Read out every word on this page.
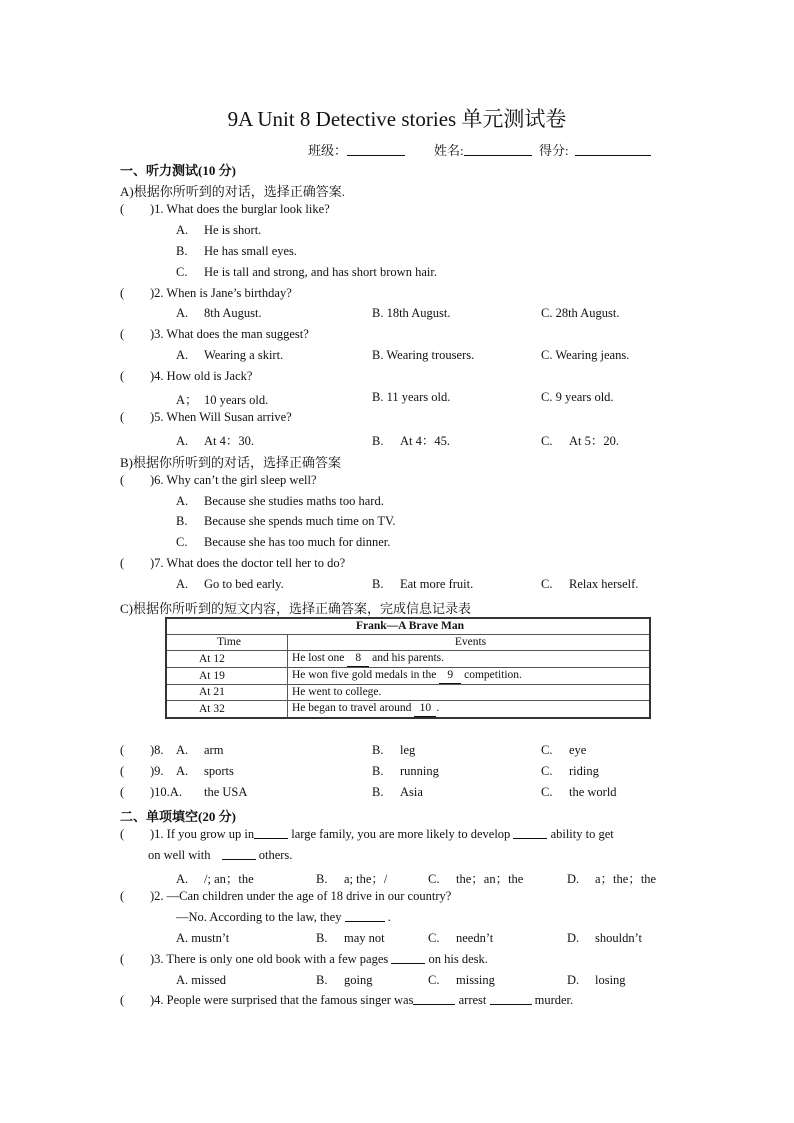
9A Unit 8 Detective stories 单元测试卷
班级：	姓名:	得分:
一、听力测试(10 分)
A)根据你所听到的对话，选择正确答案.
( )1. What does the burglar look like?
A. He is short.
B. He has small eyes.
C. He is tall and strong, and has short brown hair.
( )2. When is Jane’s birthday?
A. 8th August.	B. 18th August.	C. 28th August.
( )3. What does the man suggest?
A. Wearing a skirt.	B. Wearing trousers.	C. Wearing jeans.
( )4. How old is Jack?
A； 10 years old.	B. 11 years old.	C. 9 years old.
( )5. When Will Susan arrive?
A. At 4：30.	B. At 4：45.	C. At 5：20.
B)根据你所听到的对话，选择正确答案
( )6. Why can’t the girl sleep well?
A. Because she studies maths too hard.
B. Because she spends much time on TV.
C. Because she has too much for dinner.
( )7. What does the doctor tell her to do?
A. Go to bed early.	B. Eat more fruit.	C. Relax herself.
C)根据你所听到的短文内容，选择正确答案，完成信息记录表
Frank—A Brave Man	
Time	Events
At 12	He lost one 8 and his parents.
At 19	He won five gold medals in the 9 competition.
At 21	He went to college.
At 32	He began to travel around 10 .
( )8. A. arm	B. leg	C. eye
( )9. A. sports	B. running	C. riding
( )10.A. the USA	B. Asia	C. the world
二、单项填空(20 分)
( )1. If you grow up in	large family, you are more likely to develop	ability to get
on well with	others.
A. /; an；the	B. a; the；/	C. the；an；the	D. a；the；the
( )2. —Can children under the age of 18 drive in our country?
—No. According to the law, they	.
A. mustn’t	B. may not	C. needn’t	D. shouldn’t
( )3. There is only one old book with a few pages	on his desk.
A. missed	B. going	C. missing	D. losing
( )4. People were surprised that the famous singer was	arrest	murder.
